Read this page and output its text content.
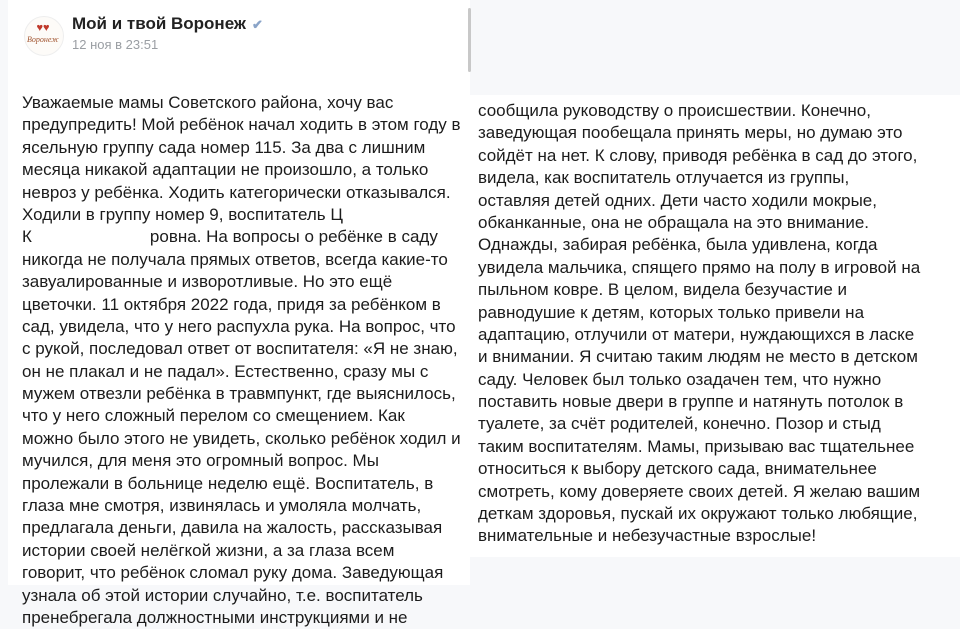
♥♥
Воронеж
Мой и твой Воронеж ✔
12 ноя в 23:51
Уважаемые мамы Советского района, хочу вас
предупредить! Мой ребёнок начал ходить в этом году в
ясельную группу сада номер 115. За два с лишним
месяца никакой адаптации не произошло, а только
невроз у ребёнка. Ходить категорически отказывался.
Ходили в группу номер 9, воспитатель Ц
К	ровна. На вопросы о ребёнке в саду
никогда не получала прямых ответов, всегда какие-то
завуалированные и изворотливые. Но это ещё
цветочки. 11 октября 2022 года, придя за ребёнком в
сад, увидела, что у него распухла рука. На вопрос, что
с рукой, последовал ответ от воспитателя: «Я не знаю,
он не плакал и не падал». Естественно, сразу мы с
мужем отвезли ребёнка в травмпункт, где выяснилось,
что у него сложный перелом со смещением. Как
можно было этого не увидеть, сколько ребёнок ходил и
мучился, для меня это огромный вопрос. Мы
пролежали в больнице неделю ещё. Воспитатель, в
глаза мне смотря, извинялась и умоляла молчать,
предлагала деньги, давила на жалость, рассказывая
истории своей нелёгкой жизни, а за глаза всем
говорит, что ребёнок сломал руку дома. Заведующая
узнала об этой истории случайно, т.е. воспитатель
пренебрегала должностными инструкциями и не
сообщила руководству о происшествии. Конечно,
заведующая пообещала принять меры, но думаю это
сойдёт на нет. К слову, приводя ребёнка в сад до этого,
видела, как воспитатель отлучается из группы,
оставляя детей одних. Дети часто ходили мокрые,
обканканные, она не обращала на это внимание.
Однажды, забирая ребёнка, была удивлена, когда
увидела мальчика, спящего прямо на полу в игровой на
пыльном ковре. В целом, видела безучастие и
равнодушие к детям, которых только привели на
адаптацию, отлучили от матери, нуждающихся в ласке
и внимании. Я считаю таким людям не место в детском
саду. Человек был только озадачен тем, что нужно
поставить новые двери в группе и натянуть потолок в
туалете, за счёт родителей, конечно. Позор и стыд
таким воспитателям. Мамы, призываю вас тщательнее
относиться к выбору детского сада, внимательнее
смотреть, кому доверяете своих детей. Я желаю вашим
деткам здоровья, пускай их окружают только любящие,
внимательные и небезучастные взрослые!
